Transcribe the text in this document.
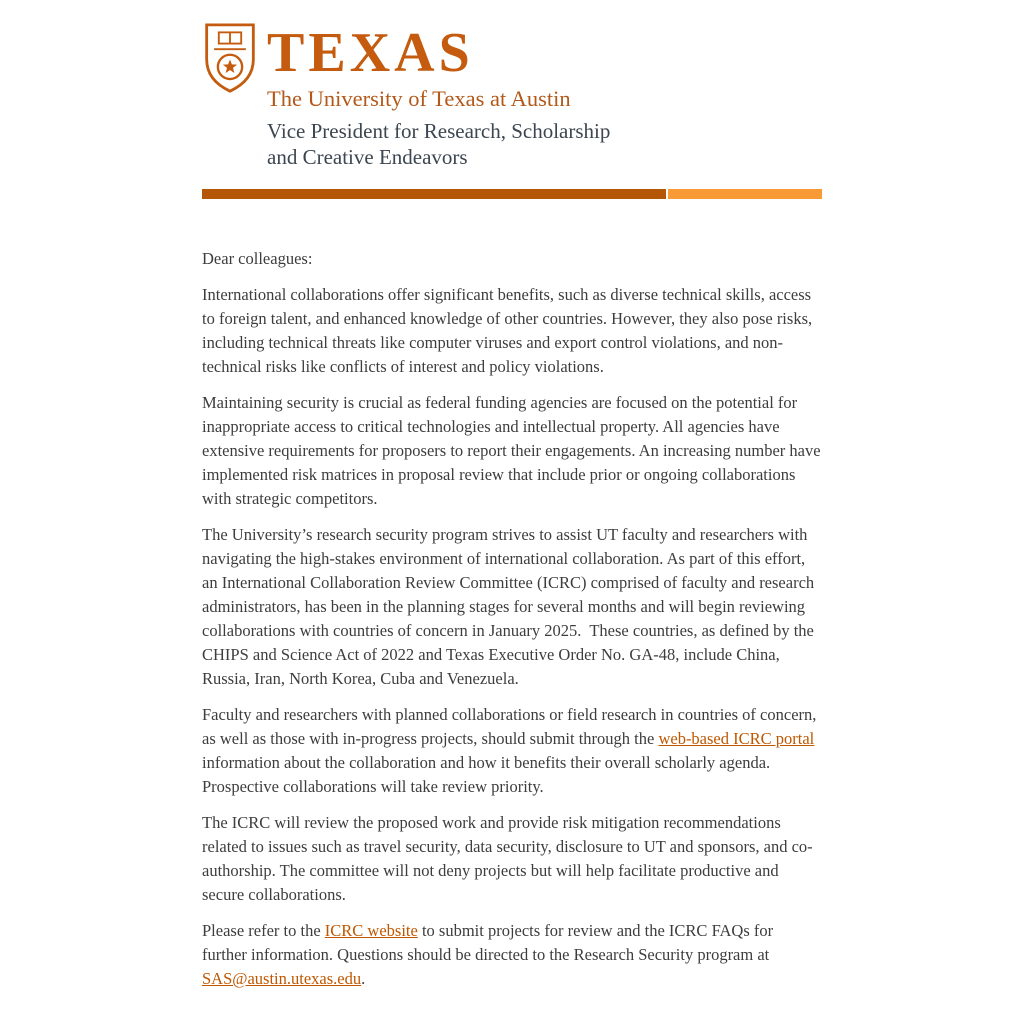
TEXAS
The University of Texas at Austin
Vice President for Research, Scholarship
and Creative Endeavors

Dear colleagues:

International collaborations offer significant benefits, such as diverse technical skills, access to foreign talent, and enhanced knowledge of other countries. However, they also pose risks, including technical threats like computer viruses and export control violations, and non-technical risks like conflicts of interest and policy violations.

Maintaining security is crucial as federal funding agencies are focused on the potential for inappropriate access to critical technologies and intellectual property. All agencies have extensive requirements for proposers to report their engagements. An increasing number have implemented risk matrices in proposal review that include prior or ongoing collaborations with strategic competitors.

The University’s research security program strives to assist UT faculty and researchers with navigating the high-stakes environment of international collaboration. As part of this effort, an International Collaboration Review Committee (ICRC) comprised of faculty and research administrators, has been in the planning stages for several months and will begin reviewing collaborations with countries of concern in January 2025.  These countries, as defined by the CHIPS and Science Act of 2022 and Texas Executive Order No. GA-48, include China, Russia, Iran, North Korea, Cuba and Venezuela.

Faculty and researchers with planned collaborations or field research in countries of concern, as well as those with in-progress projects, should submit through the web-based ICRC portal information about the collaboration and how it benefits their overall scholarly agenda. Prospective collaborations will take review priority.

The ICRC will review the proposed work and provide risk mitigation recommendations related to issues such as travel security, data security, disclosure to UT and sponsors, and co-authorship. The committee will not deny projects but will help facilitate productive and secure collaborations.

Please refer to the ICRC website to submit projects for review and the ICRC FAQs for further information. Questions should be directed to the Research Security program at SAS@austin.utexas.edu.
